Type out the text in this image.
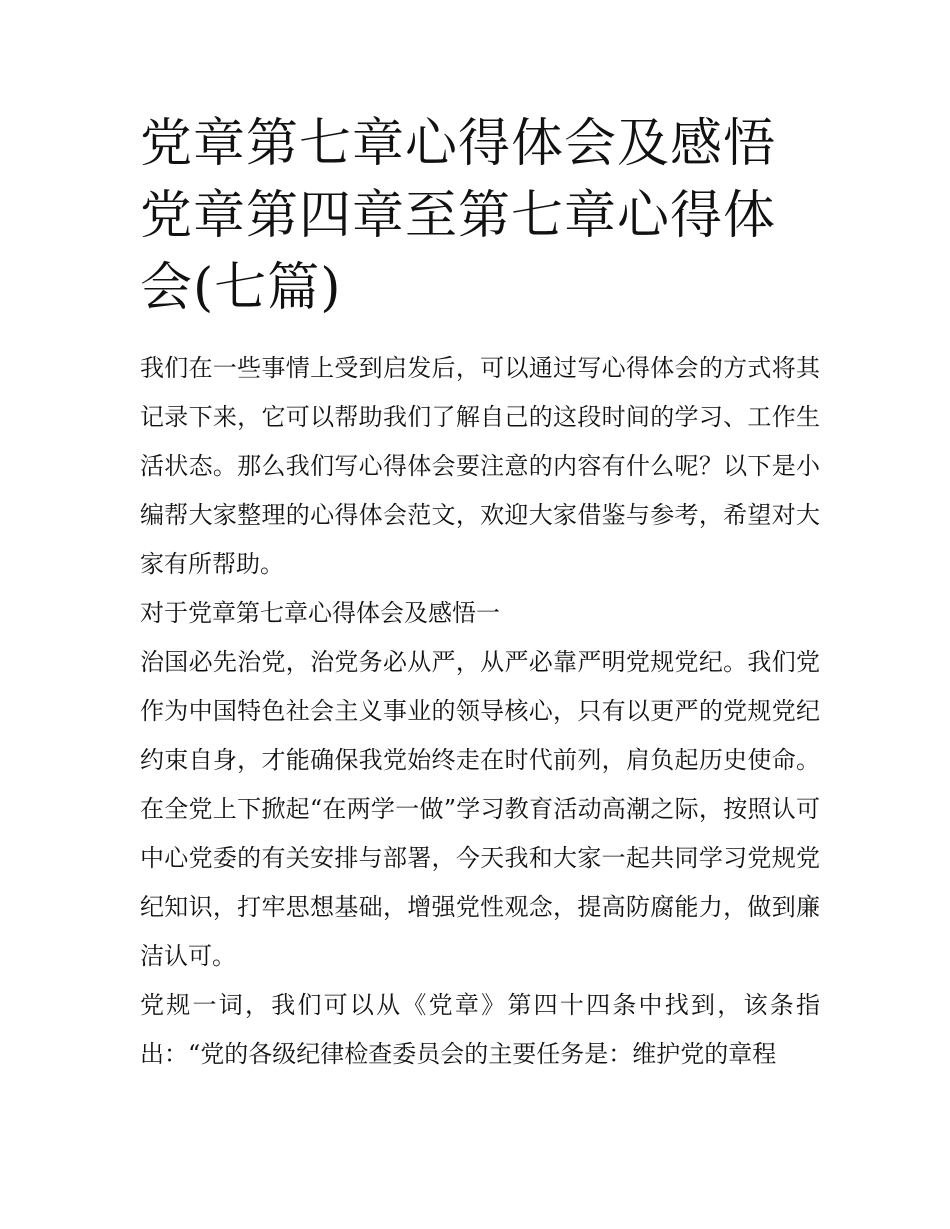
党章第七章心得体会及感悟 党章第四章至第七章心得体会(七篇)

我们在一些事情上受到启发后，可以通过写心得体会的方式将其记录下来，它可以帮助我们了解自己的这段时间的学习、工作生活状态。那么我们写心得体会要注意的内容有什么呢？以下是小编帮大家整理的心得体会范文，欢迎大家借鉴与参考，希望对大家有所帮助。

对于党章第七章心得体会及感悟一

治国必先治党，治党务必从严，从严必靠严明党规党纪。我们党作为中国特色社会主义事业的领导核心，只有以更严的党规党纪约束自身，才能确保我党始终走在时代前列，肩负起历史使命。在全党上下掀起“在两学一做”学习教育活动高潮之际，按照认可中心党委的有关安排与部署，今天我和大家一起共同学习党规党纪知识，打牢思想基础，增强党性观念，提高防腐能力，做到廉洁认可。

党规一词，我们可以从《党章》第四十四条中找到，该条指出：“党的各级纪律检查委员会的主要任务是：维护党的章程
